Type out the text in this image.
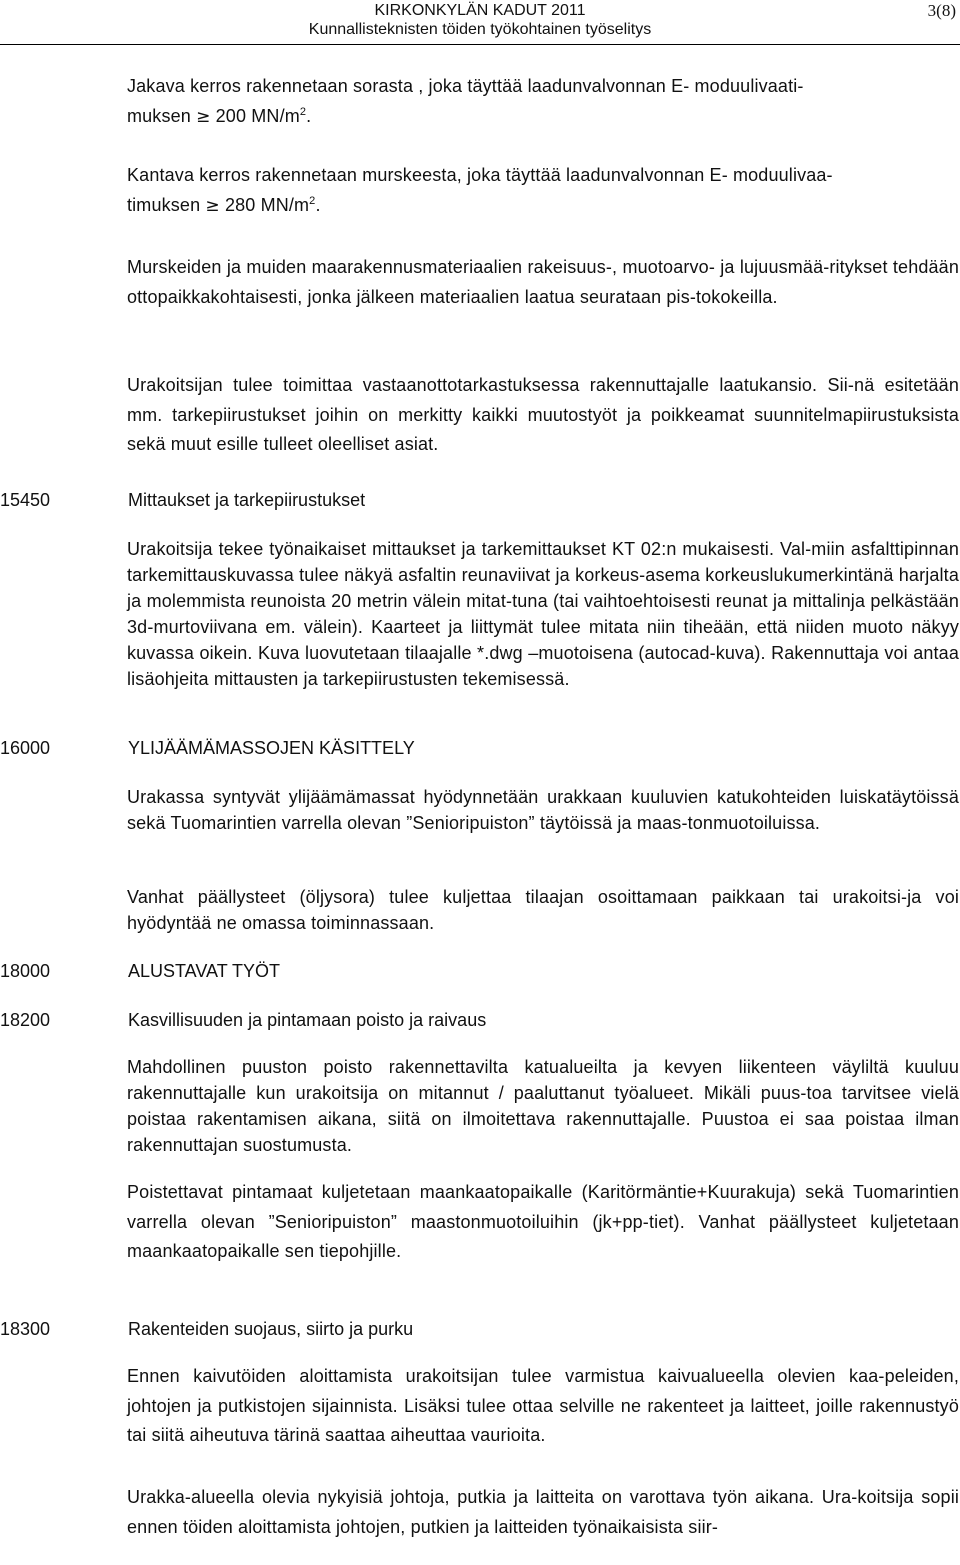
KIRKONKYLÄN KADUT 2011
Kunnallisteknisten töiden työkohtainen työselitys
3(8)
Jakava kerros rakennetaan sorasta , joka täyttää laadunvalvonnan E- moduulivaati-
muksen ≥ 200 $MN/m^2$.
Kantava kerros rakennetaan murskeesta, joka täyttää laadunvalvonnan E- moduulivaa-
timuksen ≥ 280 $MN/m^2$.
Murskeiden ja muiden maarakennusmateriaalien rakeisuus-, muotoarvo- ja lujuusmää-ritykset tehdään ottopaikkakohtaisesti, jonka jälkeen materiaalien laatua seurataan pis-tokokeilla.
Urakoitsijan tulee toimittaa vastaanottotarkastuksessa rakennuttajalle laatukansio. Sii-nä esitetään mm. tarkepiirustukset joihin on merkitty kaikki muutostyöt ja poikkeamat suunnitelmapiirustuksista sekä muut esille tulleet oleelliset asiat.
15450	Mittaukset ja tarkepiirustukset
Urakoitsija tekee työnaikaiset mittaukset ja tarkemittaukset KT 02:n mukaisesti. Val-miin asfalttipinnan tarkemittauskuvassa tulee näkyä asfaltin reunaviivat ja korkeus-asema korkeuslukumerkintänä harjalta ja molemmista reunoista 20 metrin välein mitat-tuna (tai vaihtoehtoisesti reunat ja mittalinja pelkästään 3d-murtoviivana em. välein). Kaarteet ja liittymät tulee mitata niin tiheään, että niiden muoto näkyy kuvassa oikein. Kuva luovutetaan tilaajalle *.dwg –muotoisena (autocad-kuva). Rakennuttaja voi antaa lisäohjeita mittausten ja tarkepiirustusten tekemisessä.
16000	YLIJÄÄMÄMASSOJEN KÄSITTELY
Urakassa syntyvät ylijäämämassat hyödynnetään urakkaan kuuluvien katukohteiden luiskatäytöissä sekä Tuomarintien varrella olevan ”Senioripuiston” täytöissä ja maas-tonmuotoiluissa.
Vanhat päällysteet (öljysora) tulee kuljettaa tilaajan osoittamaan paikkaan tai urakoitsi-ja voi hyödyntää ne omassa toiminnassaan.
18000	ALUSTAVAT TYÖT
18200	Kasvillisuuden ja pintamaan poisto ja raivaus
Mahdollinen puuston poisto rakennettavilta katualueilta ja kevyen liikenteen väyliltä kuuluu rakennuttajalle kun urakoitsija on mitannut / paaluttanut työalueet. Mikäli puus-toa tarvitsee vielä poistaa rakentamisen aikana, siitä on ilmoitettava rakennuttajalle. Puustoa ei saa poistaa ilman rakennuttajan suostumusta.
Poistettavat pintamaat kuljetetaan maankaatopaikalle (Karitörmäntie+Kuurakuja) sekä Tuomarintien varrella olevan ”Senioripuiston” maastonmuotoiluihin (jk+pp-tiet). Vanhat päällysteet kuljetetaan maankaatopaikalle sen tiepohjille.
18300	Rakenteiden suojaus, siirto ja purku
Ennen kaivutöiden aloittamista urakoitsijan tulee varmistua kaivualueella olevien kaa-peleiden, johtojen ja putkistojen sijainnista. Lisäksi tulee ottaa selville ne rakenteet ja laitteet, joille rakennustyö tai siitä aiheutuva tärinä saattaa aiheuttaa vaurioita.
Urakka-alueella olevia nykyisiä johtoja, putkia ja laitteita on varottava työn aikana. Ura-koitsija sopii ennen töiden aloittamista johtojen, putkien ja laitteiden työnaikaisista siir-
